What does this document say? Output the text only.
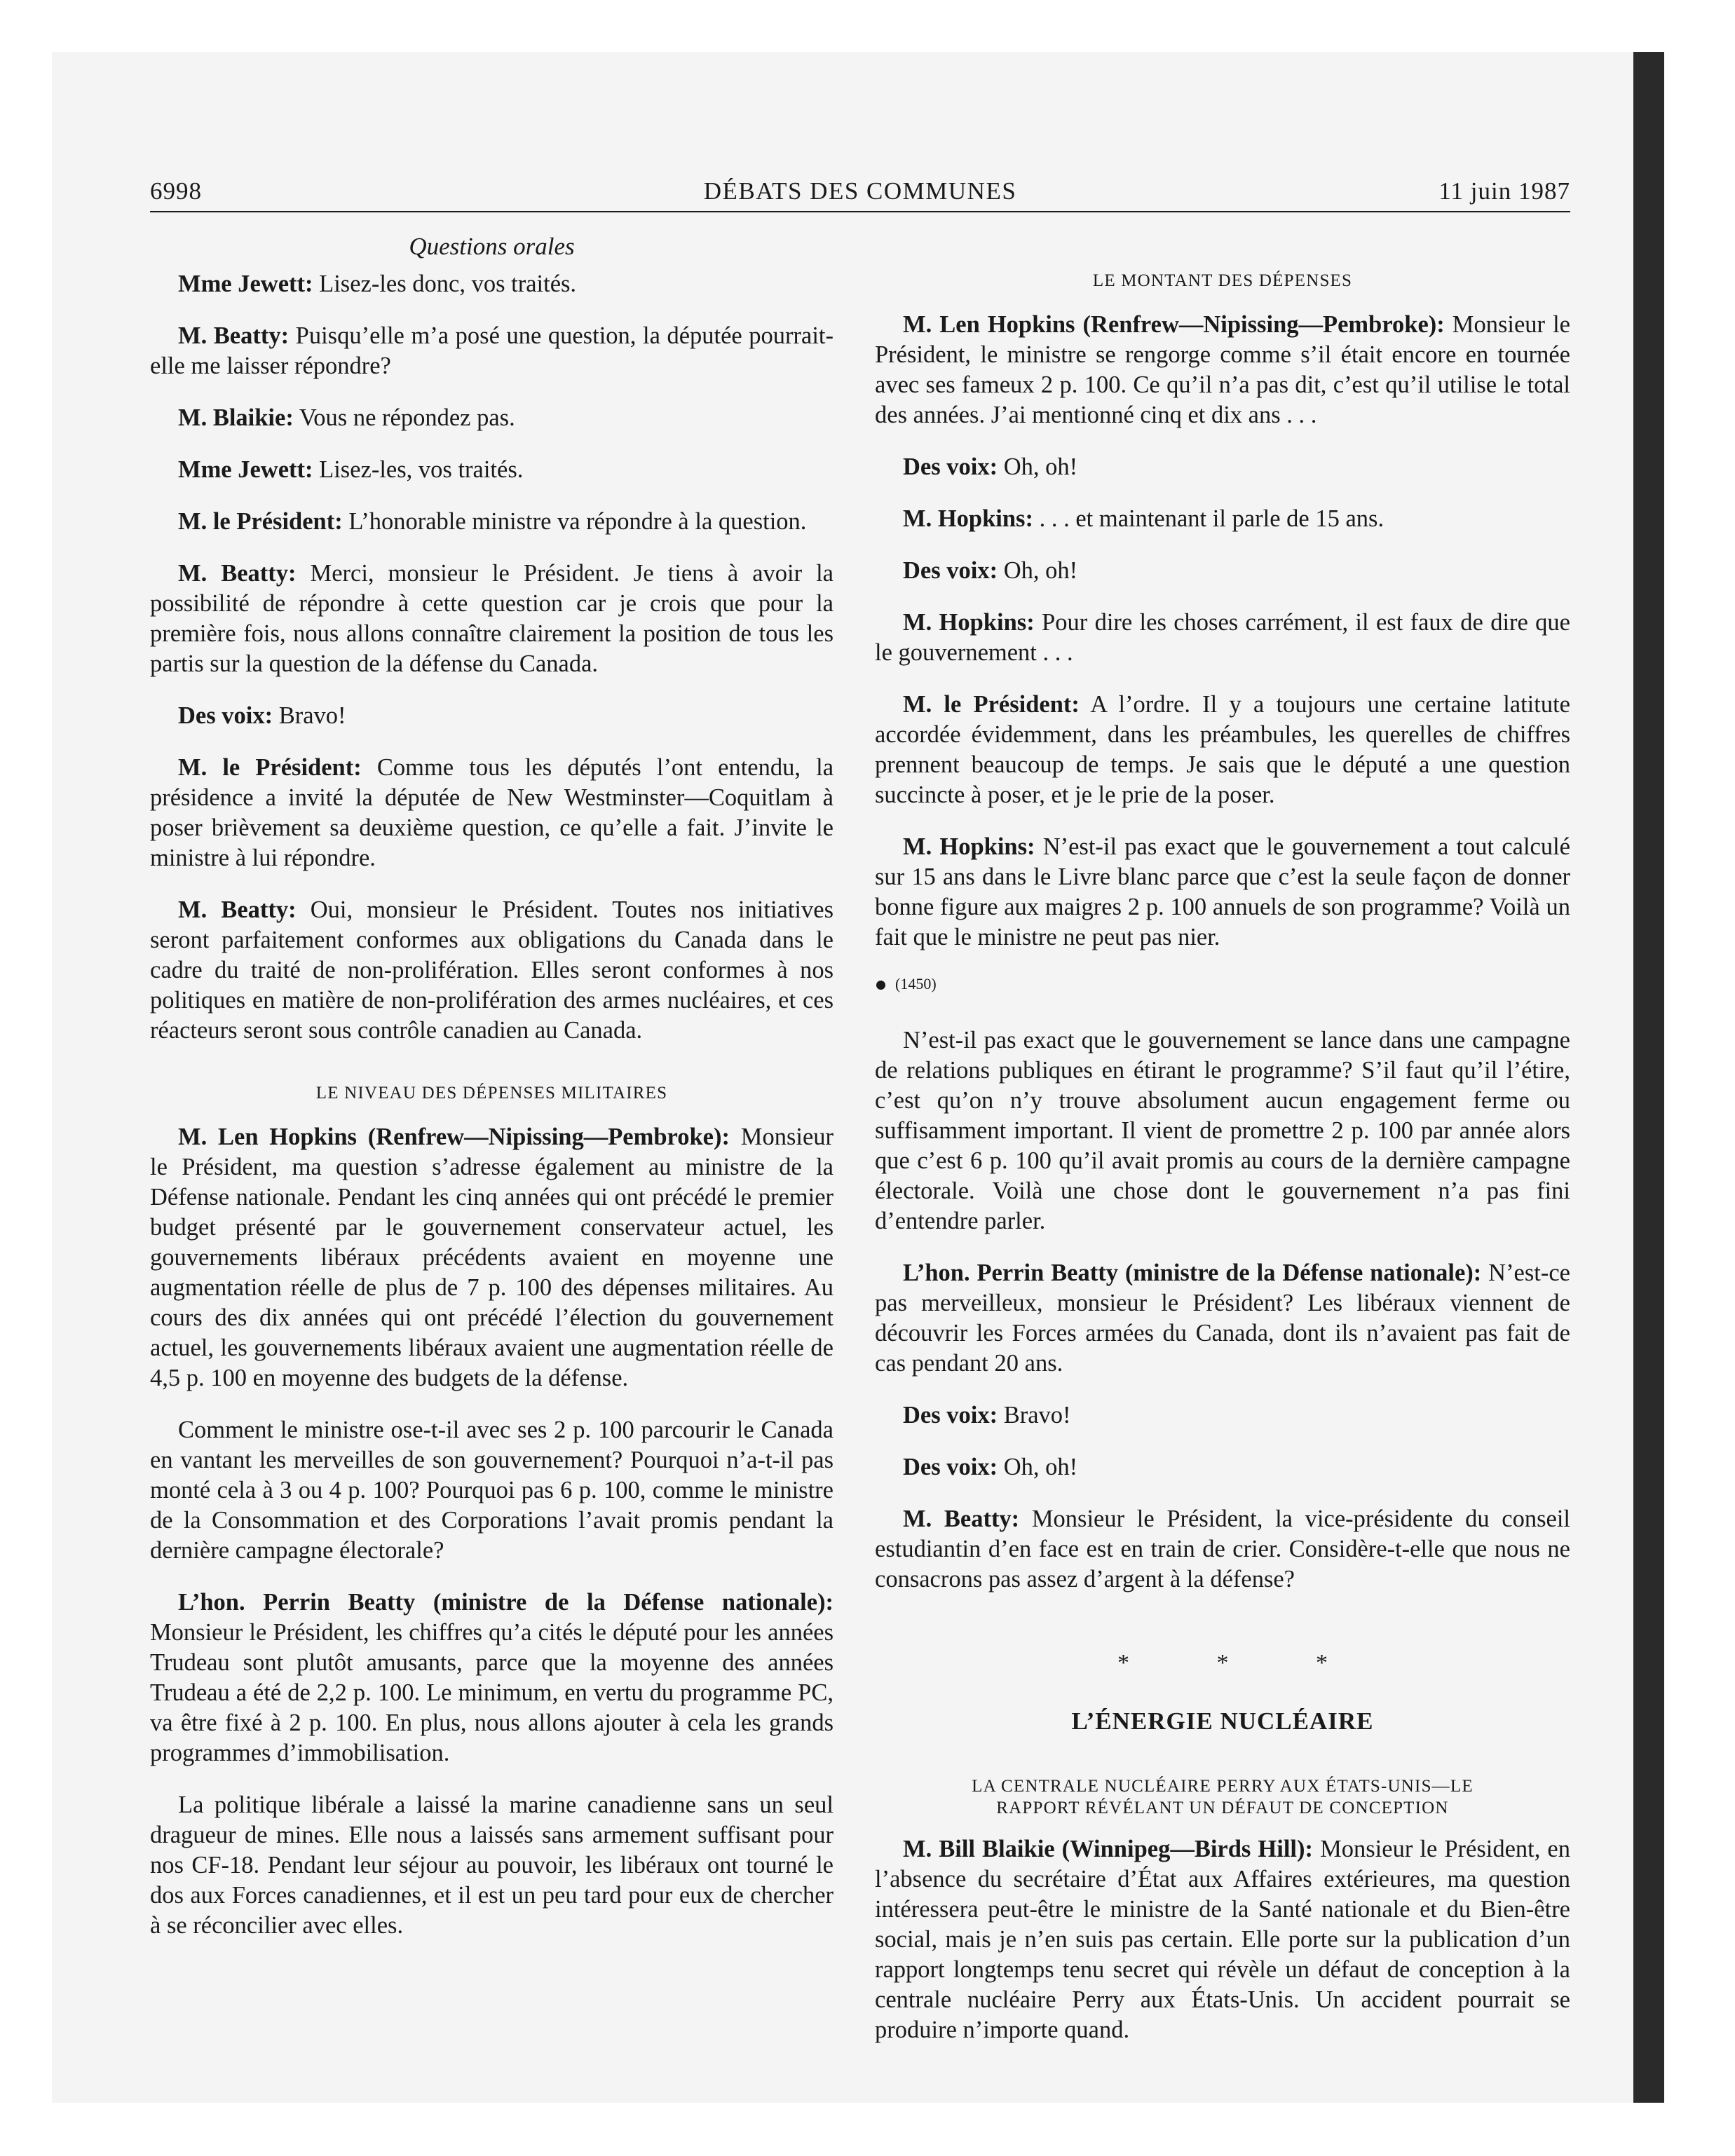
6998	DÉBATS DES COMMUNES	11 juin 1987
Questions orales

Mme Jewett: Lisez-les donc, vos traités.

M. Beatty: Puisqu’elle m’a posé une question, la députée pourrait-elle me laisser répondre?

M. Blaikie: Vous ne répondez pas.

Mme Jewett: Lisez-les, vos traités.

M. le Président: L’honorable ministre va répondre à la question.

M. Beatty: Merci, monsieur le Président. Je tiens à avoir la possibilité de répondre à cette question car je crois que pour la première fois, nous allons connaître clairement la position de tous les partis sur la question de la défense du Canada.

Des voix: Bravo!

M. le Président: Comme tous les députés l’ont entendu, la présidence a invité la députée de New Westminster—Coquitlam à poser brièvement sa deuxième question, ce qu’elle a fait. J’invite le ministre à lui répondre.

M. Beatty: Oui, monsieur le Président. Toutes nos initiatives seront parfaitement conformes aux obligations du Canada dans le cadre du traité de non-prolifération. Elles seront conformes à nos politiques en matière de non-prolifération des armes nucléaires, et ces réacteurs seront sous contrôle canadien au Canada.

LE NIVEAU DES DÉPENSES MILITAIRES

M. Len Hopkins (Renfrew—Nipissing—Pembroke): Monsieur le Président, ma question s’adresse également au ministre de la Défense nationale. Pendant les cinq années qui ont précédé le premier budget présenté par le gouvernement conservateur actuel, les gouvernements libéraux précédents avaient en moyenne une augmentation réelle de plus de 7 p. 100 des dépenses militaires. Au cours des dix années qui ont précédé l’élection du gouvernement actuel, les gouvernements libéraux avaient une augmentation réelle de 4,5 p. 100 en moyenne des budgets de la défense.

Comment le ministre ose-t-il avec ses 2 p. 100 parcourir le Canada en vantant les merveilles de son gouvernement? Pourquoi n’a-t-il pas monté cela à 3 ou 4 p. 100? Pourquoi pas 6 p. 100, comme le ministre de la Consommation et des Corporations l’avait promis pendant la dernière campagne électorale?

L’hon. Perrin Beatty (ministre de la Défense nationale): Monsieur le Président, les chiffres qu’a cités le député pour les années Trudeau sont plutôt amusants, parce que la moyenne des années Trudeau a été de 2,2 p. 100. Le minimum, en vertu du programme PC, va être fixé à 2 p. 100. En plus, nous allons ajouter à cela les grands programmes d’immobilisation.

La politique libérale a laissé la marine canadienne sans un seul dragueur de mines. Elle nous a laissés sans armement suffisant pour nos CF-18. Pendant leur séjour au pouvoir, les libéraux ont tourné le dos aux Forces canadiennes, et il est un peu tard pour eux de chercher à se réconcilier avec elles.

LE MONTANT DES DÉPENSES

M. Len Hopkins (Renfrew—Nipissing—Pembroke): Monsieur le Président, le ministre se rengorge comme s’il était encore en tournée avec ses fameux 2 p. 100. Ce qu’il n’a pas dit, c’est qu’il utilise le total des années. J’ai mentionné cinq et dix ans . . .

Des voix: Oh, oh!

M. Hopkins: . . . et maintenant il parle de 15 ans.

Des voix: Oh, oh!

M. Hopkins: Pour dire les choses carrément, il est faux de dire que le gouvernement . . .

M. le Président: A l’ordre. Il y a toujours une certaine latitute accordée évidemment, dans les préambules, les querelles de chiffres prennent beaucoup de temps. Je sais que le député a une question succincte à poser, et je le prie de la poser.

M. Hopkins: N’est-il pas exact que le gouvernement a tout calculé sur 15 ans dans le Livre blanc parce que c’est la seule façon de donner bonne figure aux maigres 2 p. 100 annuels de son programme? Voilà un fait que le ministre ne peut pas nier.

(1450)

N’est-il pas exact que le gouvernement se lance dans une campagne de relations publiques en étirant le programme? S’il faut qu’il l’étire, c’est qu’on n’y trouve absolument aucun engagement ferme ou suffisamment important. Il vient de promettre 2 p. 100 par année alors que c’est 6 p. 100 qu’il avait promis au cours de la dernière campagne électorale. Voilà une chose dont le gouvernement n’a pas fini d’entendre parler.

L’hon. Perrin Beatty (ministre de la Défense nationale): N’est-ce pas merveilleux, monsieur le Président? Les libéraux viennent de découvrir les Forces armées du Canada, dont ils n’avaient pas fait de cas pendant 20 ans.

Des voix: Bravo!

Des voix: Oh, oh!

M. Beatty: Monsieur le Président, la vice-présidente du conseil estudiantin d’en face est en train de crier. Considère-t-elle que nous ne consacrons pas assez d’argent à la défense?

* * *
L’ÉNERGIE NUCLÉAIRE
LA CENTRALE NUCLÉAIRE PERRY AUX ÉTATS-UNIS—LE
RAPPORT RÉVÉLANT UN DÉFAUT DE CONCEPTION

M. Bill Blaikie (Winnipeg—Birds Hill): Monsieur le Président, en l’absence du secrétaire d’État aux Affaires extérieures, ma question intéressera peut-être le ministre de la Santé nationale et du Bien-être social, mais je n’en suis pas certain. Elle porte sur la publication d’un rapport longtemps tenu secret qui révèle un défaut de conception à la centrale nucléaire Perry aux États-Unis. Un accident pourrait se produire n’importe quand.
